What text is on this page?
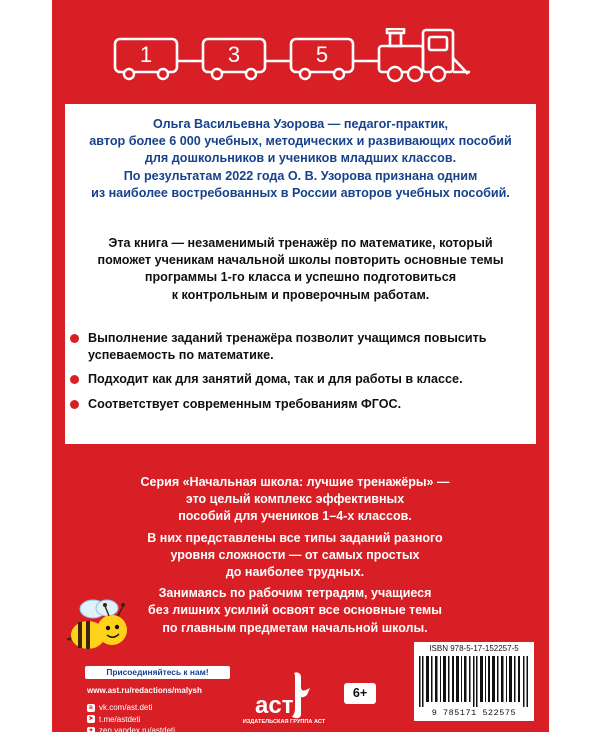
1	3	5
Ольга Васильевна Узорова — педагог-практик,
автор более 6 000 учебных, методических и развивающих пособий
для дошкольников и учеников младших классов.
По результатам 2022 года О. В. Узорова признана одним
из наиболее востребованных в России авторов учебных пособий.
Эта книга — незаменимый тренажёр по математике, который
поможет ученикам начальной школы повторить основные темы
программы 1-го класса и успешно подготовиться
к контрольным и проверочным работам.
Выполнение заданий тренажёра позволит учащимся повысить успеваемость по математике.
Подходит как для занятий дома, так и для работы в классе.
Соответствует современным требованиям ФГОС.
Серия «Начальная школа: лучшие тренажёры» —
это целый комплекс эффективных
пособий для учеников 1–4-х классов.
В них представлены все типы заданий разного
уровня сложности — от самых простых
до наиболее трудных.
Занимаясь по рабочим тетрадям, учащиеся
без лишних усилий освоят все основные темы
по главным предметам начальной школы.
Присоединяйтесь к нам!
www.ast.ru/redactions/malysh
в vk.com/ast.deti
➤ t.me/astdeti
✦ zen.yandex.ru/astdeti
аст
ИЗДАТЕЛЬСКАЯ ГРУППА АСТ
6+
ISBN 978-5-17-152257-5
9 785171 522575
